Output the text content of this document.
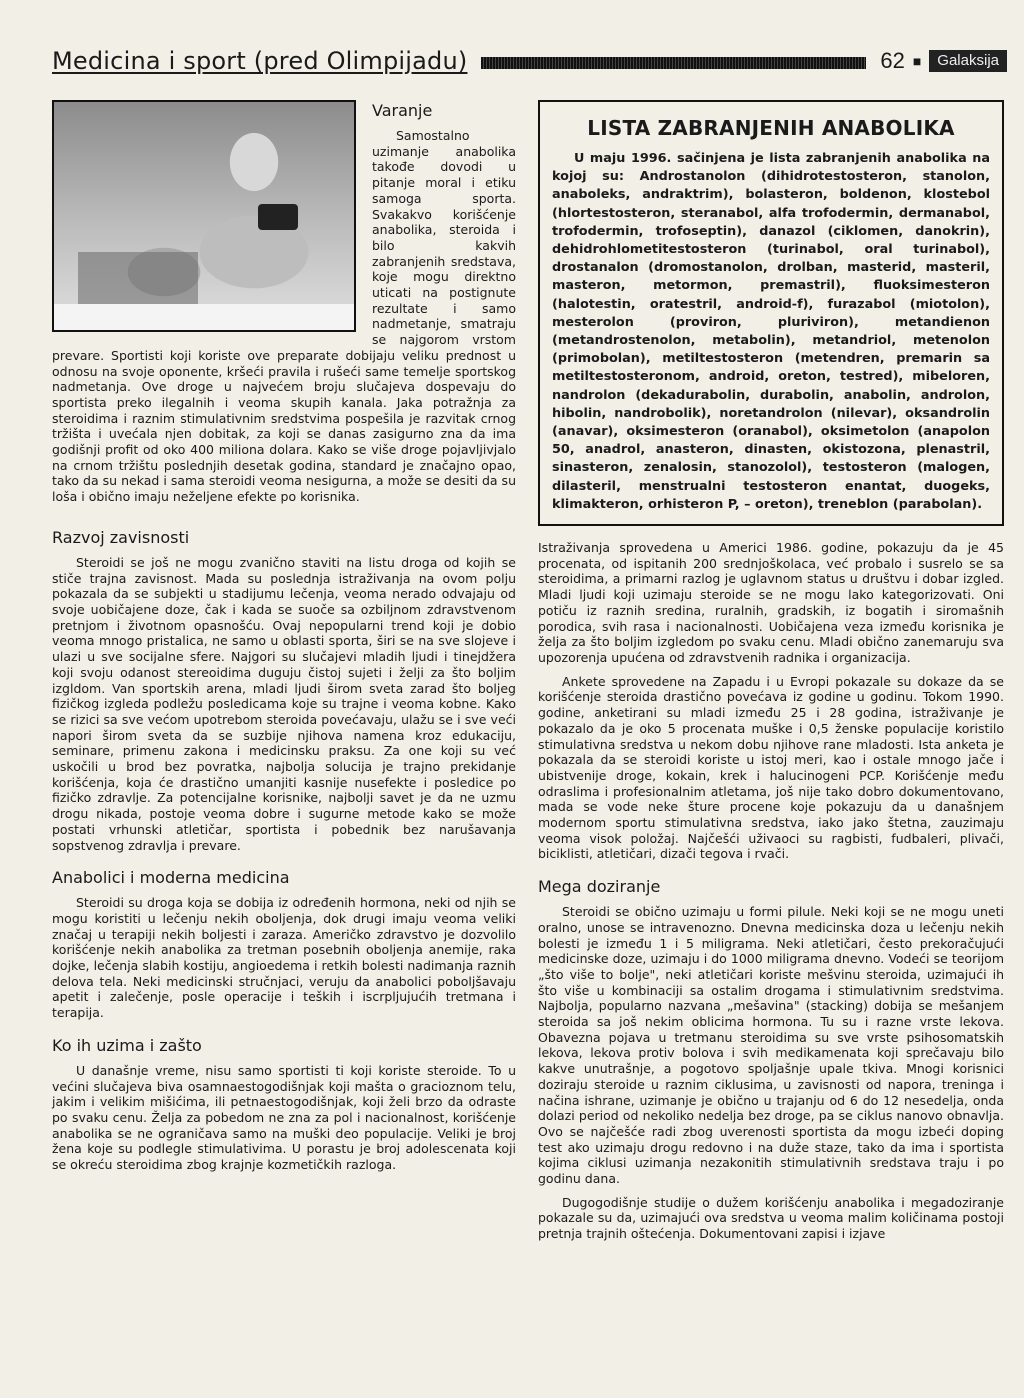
Medicina i sport (pred Olimpijadu)	62 ■	Galaksija
Varanje

Samostalno uzimanje anabolika takođe dovodi u pitanje moral i etiku samoga sporta. Svakakvo korišćenje anabolika, steroida i bilo kakvih zabranjenih sredstava, koje mogu direktno uticati na postignute rezultate i samo nadmetanje, smatraju se najgorom vrstom prevare. Sportisti koji koriste ove preparate dobijaju veliku prednost u odnosu na svoje oponente, kršeći pravila i rušeći same temelje sportskog nadmetanja. Ove droge u najvećem broju slučajeva dospevaju do sportista preko ilegalnih i veoma skupih kanala. Jaka potražnja za steroidima i raznim stimulativnim sredstvima pospešila je razvitak crnog tržišta i uvećala njen dobitak, za koji se danas zasigurno zna da ima godišnji profit od oko 400 miliona dolara. Kako se više droge pojavljivjalo na crnom tržištu poslednjih desetak godina, standard je značajno opao, tako da su nekad i sama steroidi veoma nesigurna, a može se desiti da su loša i obično imaju neželjene efekte po korisnika.

Razvoj zavisnosti

Steroidi se još ne mogu zvanično staviti na listu droga od kojih se stiče trajna zavisnost. Mada su poslednja istraživanja na ovom polju pokazala da se subjekti u stadijumu lečenja, veoma nerado odvajaju od svoje uobičajene doze, čak i kada se suoče sa ozbiljnom zdravstvenom pretnjom i životnom opasnošću. Ovaj nepopularni trend koji je dobio veoma mnogo pristalica, ne samo u oblasti sporta, širi se na sve slojeve i ulazi u sve socijalne sfere. Najgori su slučajevi mladih ljudi i tinejdžera koji svoju odanost stereoidima duguju čistoj sujeti i želji za što boljim izgldom. Van sportskih arena, mladi ljudi širom sveta zarad što boljeg fizičkog izgleda podležu posledicama koje su trajne i veoma kobne. Kako se rizici sa sve većom upotrebom steroida povećavaju, ulažu se i sve veći napori širom sveta da se suzbije njihova namena kroz edukaciju, seminare, primenu zakona i medicinsku praksu. Za one koji su već uskočili u brod bez povratka, najbolja solucija je trajno prekidanje korišćenja, koja će drastično umanjiti kasnije nusefekte i posledice po fizičko zdravlje. Za potencijalne korisnike, najbolji savet je da ne uzmu drogu nikada, postoje veoma dobre i sugurne metode kako se može postati vrhunski atletičar, sportista i pobednik bez narušavanja sopstvenog zdravlja i prevare.

Anabolici i moderna medicina

Steroidi su droga koja se dobija iz određenih hormona, neki od njih se mogu koristiti u lečenju nekih oboljenja, dok drugi imaju veoma veliki značaj u terapiji nekih boljesti i zaraza. Američko zdravstvo je dozvolilo korišćenje nekih anabolika za tretman posebnih oboljenja anemije, raka dojke, lečenja slabih kostiju, angioedema i retkih bolesti nadimanja raznih delova tela. Neki medicinski stručnjaci, veruju da anabolici poboljšavaju apetit i zalečenje, posle operacije i teških i iscrpljujućih tretmana i terapija.

Ko ih uzima i zašto

U današnje vreme, nisu samo sportisti ti koji koriste steroide. To u većini slučajeva biva osamnaestogodišnjak koji mašta o gracioznom telu, jakim i velikim mišićima, ili petnaestogodišnjak, koji želi brzo da odraste po svaku cenu. Želja za pobedom ne zna za pol i nacionalnost, korišćenje anabolika se ne ograničava samo na muški deo populacije. Veliki je broj žena koje su podlegle stimulativima. U porastu je broj adolescenata koji se okreću steroidima zbog krajnje kozmetičkih razloga.

LISTA ZABRANJENIH ANABOLIKA

U maju 1996. sačinjena je lista zabranjenih anabolika na kojoj su: Androstanolon (dihidrotestosteron, stanolon, anaboleks, andraktrim), bolasteron, boldenon, klostebol (hlortestosteron, steranabol, alfa trofodermin, dermanabol, trofodermin, trofoseptin), danazol (ciklomen, danokrin), dehidrohlometitestosteron (turinabol, oral turinabol), drostanalon (dromostanolon, drolban, masterid, masteril, masteron, metormon, premastril), fluoksimesteron (halotestin, oratestril, android-f), furazabol (miotolon), mesterolon (proviron, pluriviron), metandienon (metandrostenolon, metabolin), metandriol, metenolon (primobolan), metiltestosteron (metendren, premarin sa metiltestosteronom, android, oreton, testred), mibeloren, nandrolon (dekadurabolin, durabolin, anabolin, androlon, hibolin, nandrobolik), noretandrolon (nilevar), oksandrolin (anavar), oksimesteron (oranabol), oksimetolon (anapolon 50, anadrol, anasteron, dinasten, okistozona, plenastril, sinasteron, zenalosin, stanozolol), testosteron (malogen, dilasteril, menstrualni testosteron enantat, duogeks, klimakteron, orhisteron P, – oreton), treneblon (parabolan).

Istraživanja sprovedena u Americi 1986. godine, pokazuju da je 45 procenata, od ispitanih 200 srednjoškolaca, već probalo i susrelo se sa steroidima, a primarni razlog je uglavnom status u društvu i dobar izgled. Mladi ljudi koji uzimaju steroide se ne mogu lako kategorizovati. Oni potiču iz raznih sredina, ruralnih, gradskih, iz bogatih i siromašnih porodica, svih rasa i nacionalnosti. Uobičajena veza između korisnika je želja za što boljim izgledom po svaku cenu. Mladi obično zanemaruju sva upozorenja upućena od zdravstvenih radnika i organizacija.

Ankete sprovedene na Zapadu i u Evropi pokazale su dokaze da se korišćenje steroida drastično povećava iz godine u godinu. Tokom 1990. godine, anketirani su mladi između 25 i 28 godina, istraživanje je pokazalo da je oko 5 procenata muške i 0,5 ženske populacije koristilo stimulativna sredstva u nekom dobu njihove rane mladosti. Ista anketa je pokazala da se steroidi koriste u istoj meri, kao i ostale mnogo jače i ubistvenije droge, kokain, krek i halucinogeni PCP. Korišćenje među odraslima i profesionalnim atletama, još nije tako dobro dokumentovano, mada se vode neke šture procene koje pokazuju da u današnjem modernom sportu stimulativna sredstva, iako jako štetna, zauzimaju veoma visok položaj. Najčešći uživaoci su ragbisti, fudbaleri, plivači, biciklisti, atletičari, dizači tegova i rvači.

Mega doziranje

Steroidi se obično uzimaju u formi pilule. Neki koji se ne mogu uneti oralno, unose se intravenozno. Dnevna medicinska doza u lečenju nekih bolesti je između 1 i 5 miligrama. Neki atletičari, često prekoračujući medicinske doze, uzimaju i do 1000 miligrama dnevno. Vodeći se teorijom „što više to bolje", neki atletičari koriste mešvinu steroida, uzimajući ih što više u kombinaciji sa ostalim drogama i stimulativnim sredstvima. Najbolja, popularno nazvana „mešavina" (stacking) dobija se mešanjem steroida sa još nekim oblicima hormona. Tu su i razne vrste lekova. Obavezna pojava u tretmanu steroidima su sve vrste psihosomatskih lekova, lekova protiv bolova i svih medikamenata koji sprečavaju bilo kakve unutrašnje, a pogotovo spoljašnje upale tkiva. Mnogi korisnici doziraju steroide u raznim ciklusima, u zavisnosti od napora, treninga i načina ishrane, uzimanje je obično u trajanju od 6 do 12 nesedelja, onda dolazi period od nekoliko nedelja bez droge, pa se ciklus nanovo obnavlja. Ovo se najčešće radi zbog uverenosti sportista da mogu izbeći doping test ako uzimaju drogu redovno i na duže staze, tako da ima i sportista kojima ciklusi uzimanja nezakonitih stimulativnih sredstava traju i po godinu dana.

Dugogodišnje studije o dužem korišćenju anabolika i megadoziranje pokazale su da, uzimajući ova sredstva u veoma malim količinama postoji pretnja trajnih oštećenja. Dokumentovani zapisi i izjave
